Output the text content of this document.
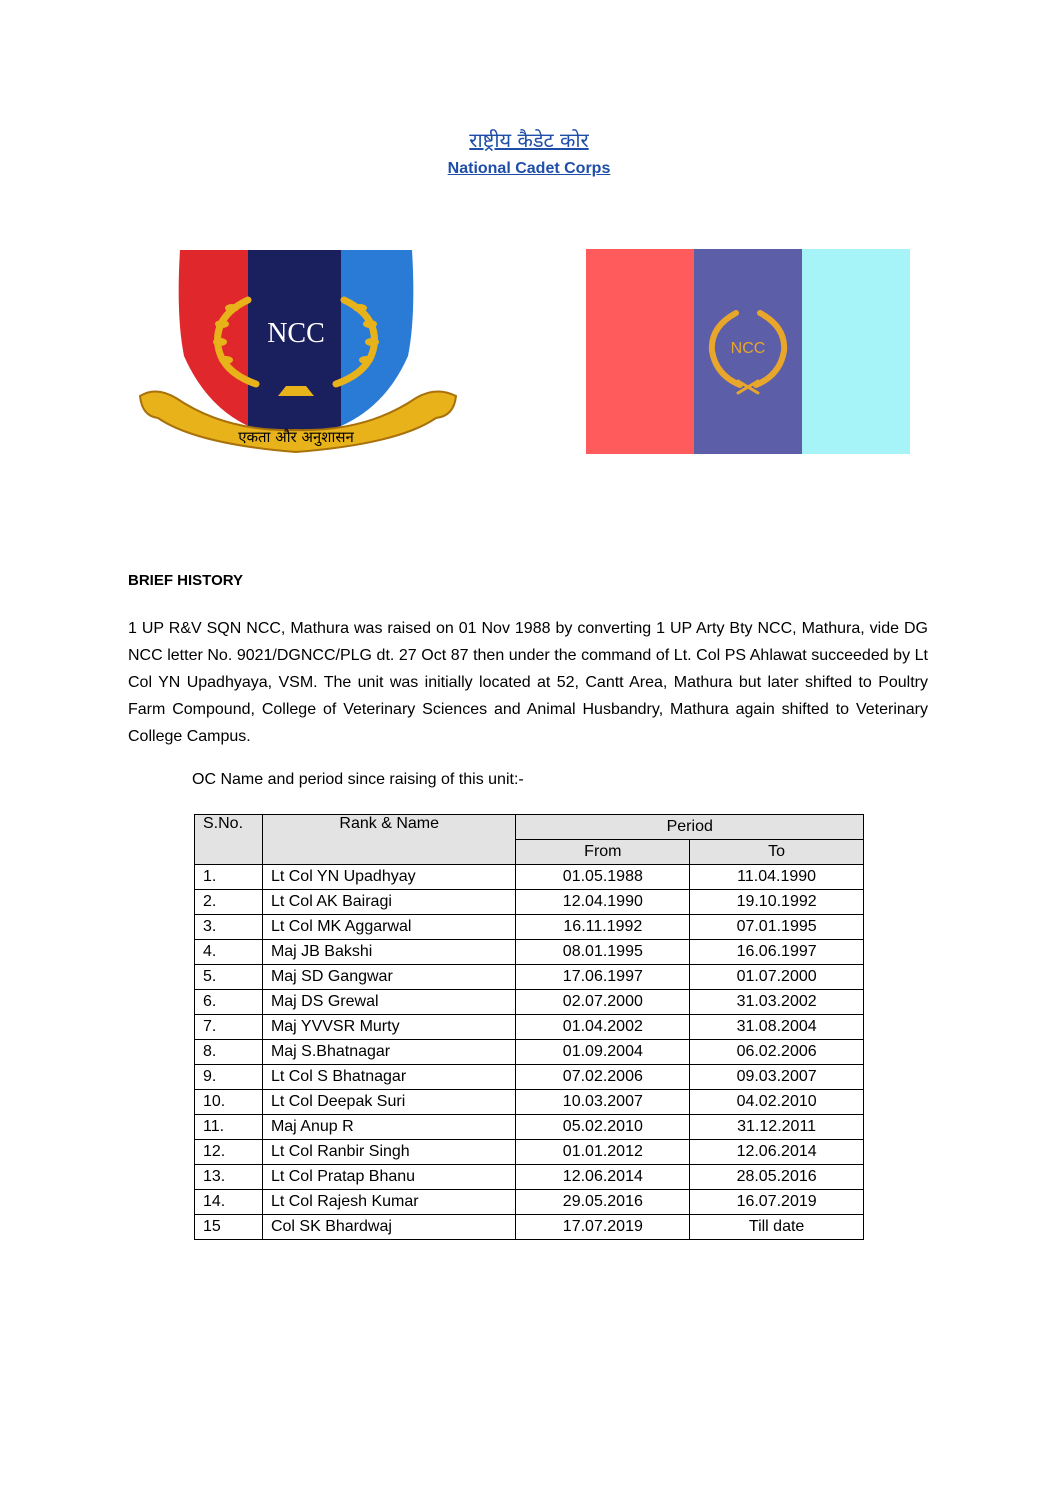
राष्ट्रीय कैडेट कोर
National Cadet Corps
NCC
एकता और अनुशासन
NCC
BRIEF HISTORY
1 UP R&V SQN NCC, Mathura was raised on 01 Nov 1988 by converting 1 UP Arty Bty NCC, Mathura, vide DG NCC letter No. 9021/DGNCC/PLG dt. 27 Oct 87 then under the command of Lt. Col PS Ahlawat succeeded by Lt Col YN Upadhyaya, VSM. The unit was initially located at 52, Cantt Area, Mathura but later shifted to Poultry Farm Compound, College of Veterinary Sciences and Animal Husbandry, Mathura again shifted to Veterinary College Campus.
OC Name and period since raising of this unit:-
S.No.	Rank & Name	Period	
		From	To
1.	Lt Col YN Upadhyay	01.05.1988	11.04.1990
2.	Lt Col AK Bairagi	12.04.1990	19.10.1992
3.	Lt Col MK Aggarwal	16.11.1992	07.01.1995
4.	Maj JB Bakshi	08.01.1995	16.06.1997
5.	Maj SD Gangwar	17.06.1997	01.07.2000
6.	Maj DS Grewal	02.07.2000	31.03.2002
7.	Maj YVVSR Murty	01.04.2002	31.08.2004
8.	Maj S.Bhatnagar	01.09.2004	06.02.2006
9.	Lt Col S Bhatnagar	07.02.2006	09.03.2007
10.	Lt Col Deepak Suri	10.03.2007	04.02.2010
11.	Maj Anup R	05.02.2010	31.12.2011
12.	Lt Col Ranbir Singh	01.01.2012	12.06.2014
13.	Lt Col Pratap Bhanu	12.06.2014	28.05.2016
14.	Lt Col Rajesh Kumar	29.05.2016	16.07.2019
15	Col SK Bhardwaj	17.07.2019	Till date
